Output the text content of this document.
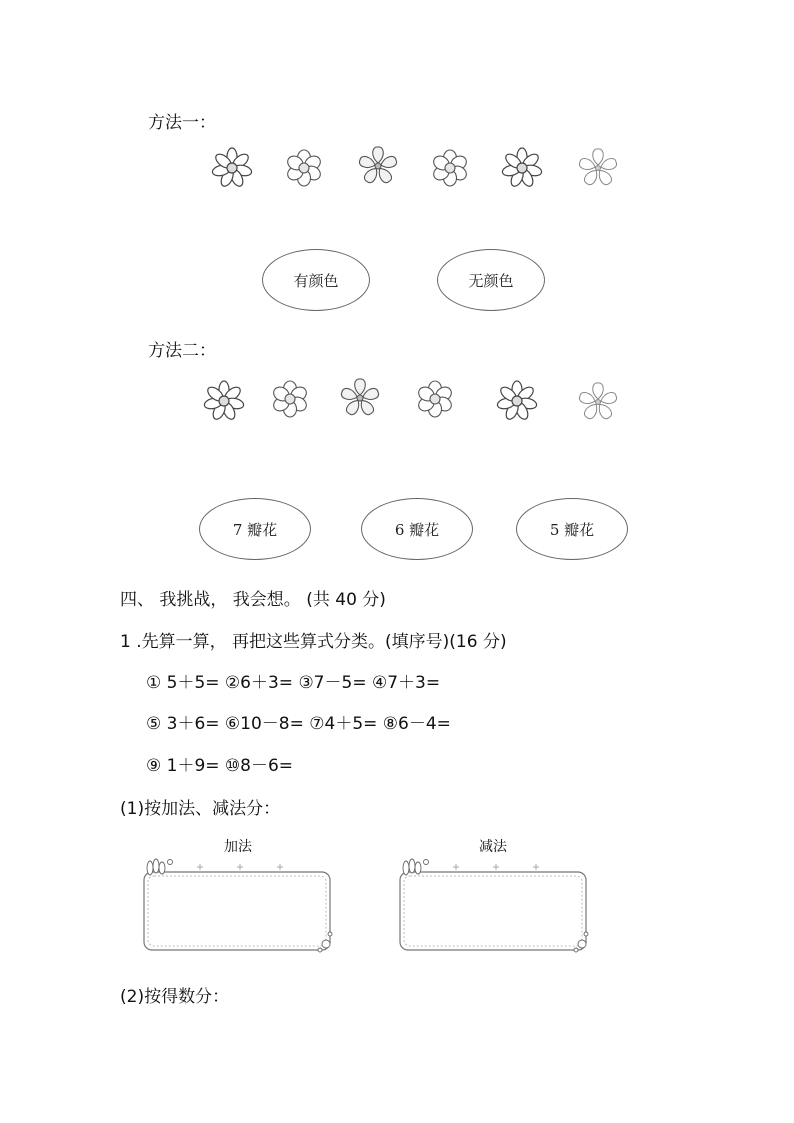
方法一：
有颜色	无颜色
方法二：
7 瓣花	6 瓣花	5 瓣花
四、 我挑战， 我会想。 (共 40 分)
1 .先算一算， 再把这些算式分类。(填序号)(16 分)
① 5＋5= ②6＋3= ③7－5= ④7＋3=
⑤ 3＋6= ⑥10－8= ⑦4＋5= ⑧6－4=
⑨ 1＋9= ⑩8－6=
(1)按加法、减法分：
加法	减法
(2)按得数分：
